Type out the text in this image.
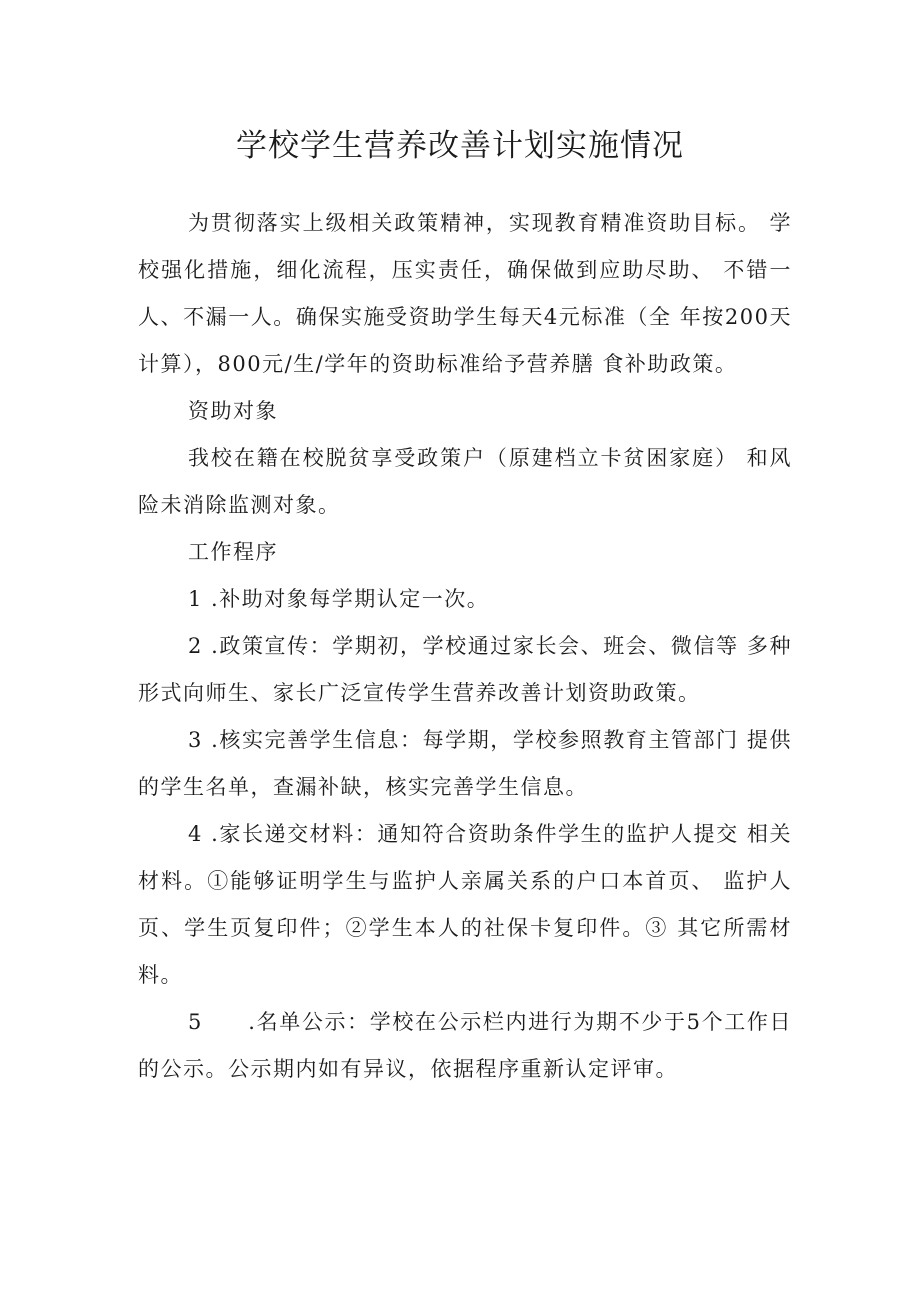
学校学生营养改善计划实施情况

为贯彻落实上级相关政策精神，实现教育精准资助目标。 学校强化措施，细化流程，压实责任，确保做到应助尽助、 不错一人、不漏一人。确保实施受资助学生每天4元标准（全 年按200天计算），800元/生/学年的资助标准给予营养膳 食补助政策。

资助对象

我校在籍在校脱贫享受政策户（原建档立卡贫困家庭） 和风险未消除监测对象。

工作程序

1 .补助对象每学期认定一次。

2 .政策宣传：学期初，学校通过家长会、班会、微信等 多种形式向师生、家长广泛宣传学生营养改善计划资助政策。

3 .核实完善学生信息：每学期，学校参照教育主管部门 提供的学生名单，查漏补缺，核实完善学生信息。

4 .家长递交材料：通知符合资助条件学生的监护人提交 相关材料。①能够证明学生与监护人亲属关系的户口本首页、 监护人页、学生页复印件；②学生本人的社保卡复印件。③ 其它所需材料。

5　　.名单公示：学校在公示栏内进行为期不少于5个工作日的公示。公示期内如有异议，依据程序重新认定评审。
